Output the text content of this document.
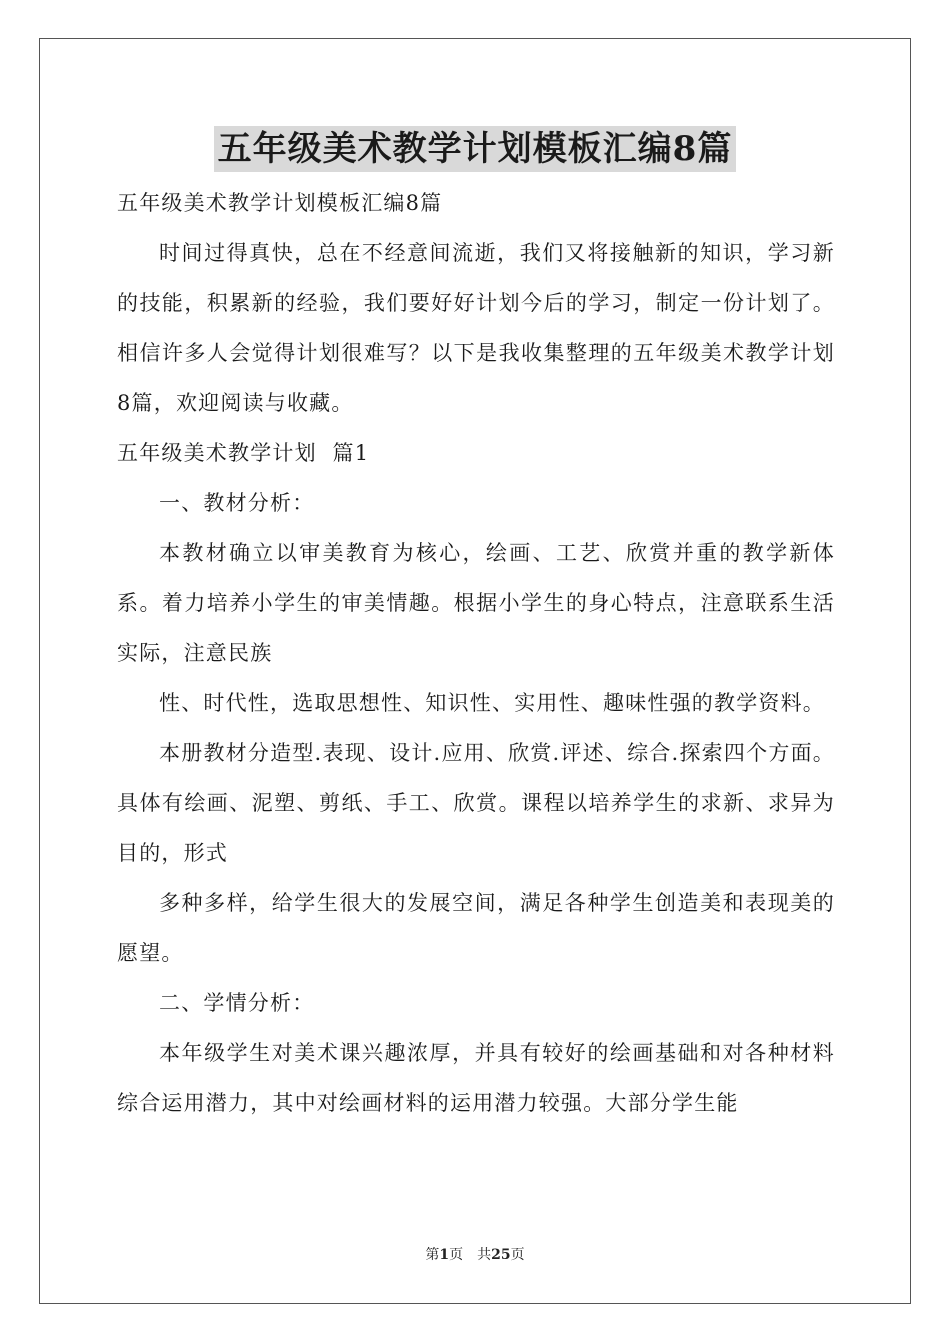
五年级美术教学计划模板汇编8篇

五年级美术教学计划模板汇编8篇

时间过得真快，总在不经意间流逝，我们又将接触新的知识，学习新的技能，积累新的经验，我们要好好计划今后的学习，制定一份计划了。相信许多人会觉得计划很难写？以下是我收集整理的五年级美术教学计划8篇，欢迎阅读与收藏。

五年级美术教学计划  篇1

一、教材分析：

本教材确立以审美教育为核心，绘画、工艺、欣赏并重的教学新体系。着力培养小学生的审美情趣。根据小学生的身心特点，注意联系生活实际，注意民族

性、时代性，选取思想性、知识性、实用性、趣味性强的教学资料。

本册教材分造型.表现、设计.应用、欣赏.评述、综合.探索四个方面。具体有绘画、泥塑、剪纸、手工、欣赏。课程以培养学生的求新、求异为目的，形式

多种多样，给学生很大的发展空间，满足各种学生创造美和表现美的愿望。

二、学情分析：

本年级学生对美术课兴趣浓厚，并具有较好的绘画基础和对各种材料综合运用潜力，其中对绘画材料的运用潜力较强。大部分学生能

第1页 共25页
